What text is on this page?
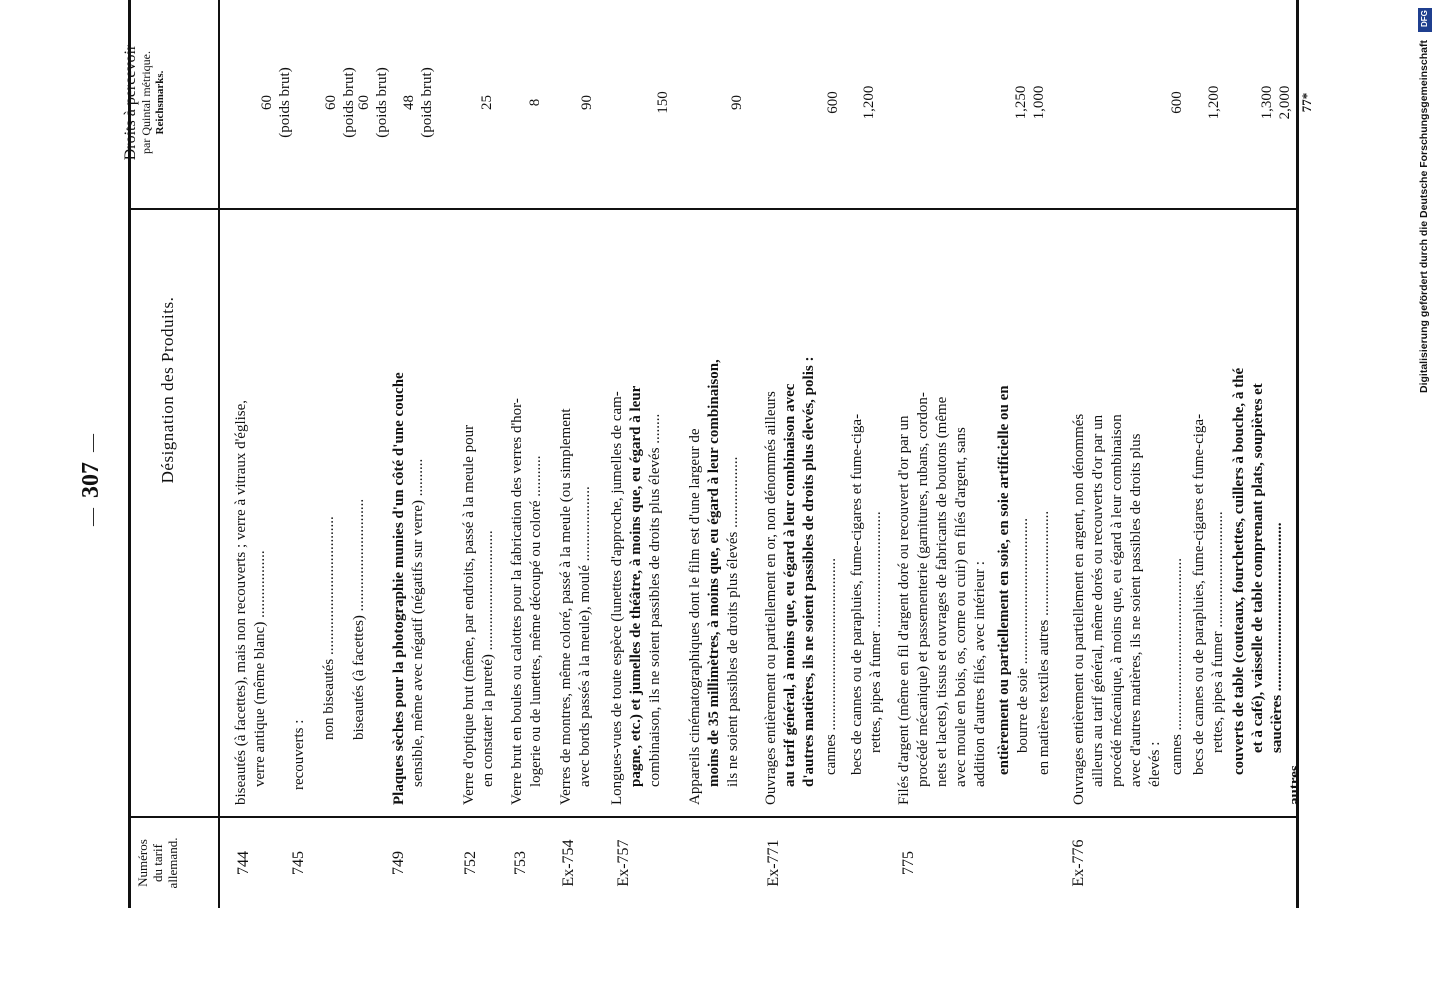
—307—
Numéros
du tarif
allemand.
Désignation des Produits.
Droits à percevoir par Quintal métrique. Reichsmarks.
744
biseautés (à facettes), mais non recouverts ; verre à vitraux d'église, verre antique (même blanc) ..................
60 (poids brut)
745
recouverts :
non biseautés .....................................
60 (poids brut)
biseautés (à facettes) ..............................
60 (poids brut)
749
Plaques sèches pour la photographie munies d'un côté d'une couche sensible, même avec négatif (négatifs sur verre) ..........
48 (poids brut)
752
Verre d'optique brut (même, par endroits, passé à la meule pour en constater la pureté) ................................
25
753
Verre brut en boules ou calottes pour la fabrication des verres d'hor- logerie ou de lunettes, même découpé ou coloré ...........
8
Ex-754
Verres de montres, même coloré, passé à la meule (ou simplement avec bords passés à la meule), moulé ....................
90
Ex-757
Longues-vues de toute espèce (lunettes d'approche, jumelles de cam- pagne, etc.) et jumelles de théâtre, à moins que, eu égard à leur combinaison, ils ne soient passibles de droits plus élevés ........
150
Appareils cinématographiques dont le film est d'une largeur de moins de 35 millimètres, à moins que, eu égard à leur combinaison, ils ne soient passibles de droits plus élevés ...................
90
Ex-771
Ouvrages entièrement ou partiellement en or, non dénommés ailleurs au tarif général, à moins que, eu égard à leur combinaison avec d'autres matières, ils ne soient passibles de droits plus élevés, polis : cannes ..............................................
600
becs de cannes ou de parapluies, fume-cigares et fume-ciga- rettes, pipes à fumer ...............................
1,200
775
Filés d'argent (même en fil d'argent doré ou recouvert d'or par un procédé mécanique) et passementerie (garnitures, rubans, cordon- nets et lacets), tissus et ouvrages de fabricants de boutons (même avec moule en bois, os, corne ou cuir) en filés d'argent, sans addition d'autres filés, avec intérieur : entièrement ou partiellement en soie, en soie artificielle ou en bourre de soie .......................................
1,250
en matières textiles autres ............................
1,000
Ex-776
Ouvrages entièrement ou partiellement en argent, non dénommés ailleurs au tarif général, même dorés ou recouverts d'or par un procédé mécanique, à moins que, eu égard à leur combinaison avec d'autres matières, ils ne soient passibles de droits plus élevés : cannes ..............................................
600
becs de cannes ou de parapluies, fume-cigares et fume-ciga- rettes, pipes à fumer ...............................
1,200
couverts de table (couteaux, fourchettes, cuillers à bouche, à thé et à café), vaisselle de table comprenant plats, soupières et saucières .............................................
1,300
autres ................................................
2,000 77*	Digitalisierung gefördert durch die Deutsche Forschungsgemeinschaft
DFG
